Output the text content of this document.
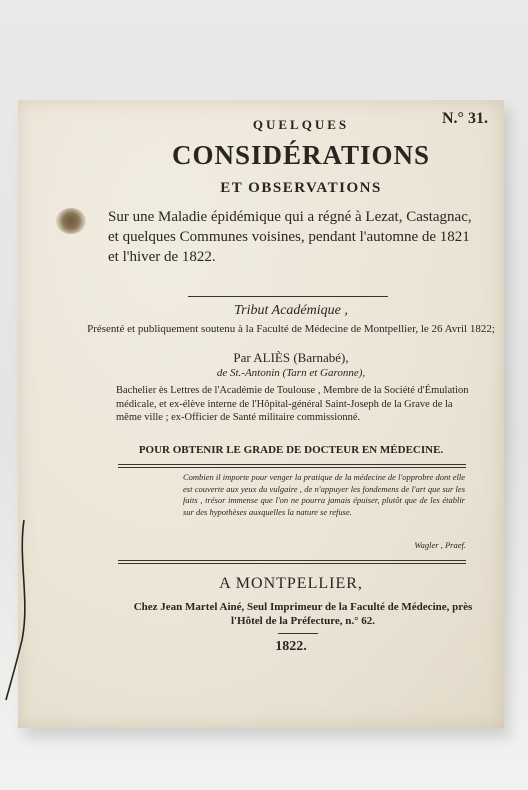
N.° 31.
QUELQUES
CONSIDÉRATIONS
ET OBSERVATIONS
Sur une Maladie épidémique qui a régné à Lezat, Castagnac, et quelques Communes voisines, pendant l'automne de 1821 et l'hiver de 1822.
Tribut Académique ,
Présenté et publiquement soutenu à la Faculté de Médecine de Montpellier, le 26 Avril 1822;
Par ALIÈS (Barnabé),
de St.-Antonin (Tarn et Garonne),
Bachelier ès Lettres de l'Académie de Toulouse , Membre de la Société d'Émulation médicale, et ex-élève interne de l'Hôpital-général Saint-Joseph de la Grave de la même ville ; ex-Officier de Santé militaire commissionné.
POUR OBTENIR LE GRADE DE DOCTEUR EN MÉDECINE.
Combien il importe pour venger la pratique de la médecine de l'opprobre dont elle est couverte aux yeux du vulgaire , de n'appuyer les fondemens de l'art que sur les faits , trésor immense que l'on ne pourra jamais épuiser, plutôt que de les établir sur des hypothèses auxquelles la nature se refuse.
Wagler , Praef.
A MONTPELLIER,
Chez Jean Martel Ainé, Seul Imprimeur de la Faculté de Médecine, près l'Hôtel de la Préfecture, n.° 62.
1822.
